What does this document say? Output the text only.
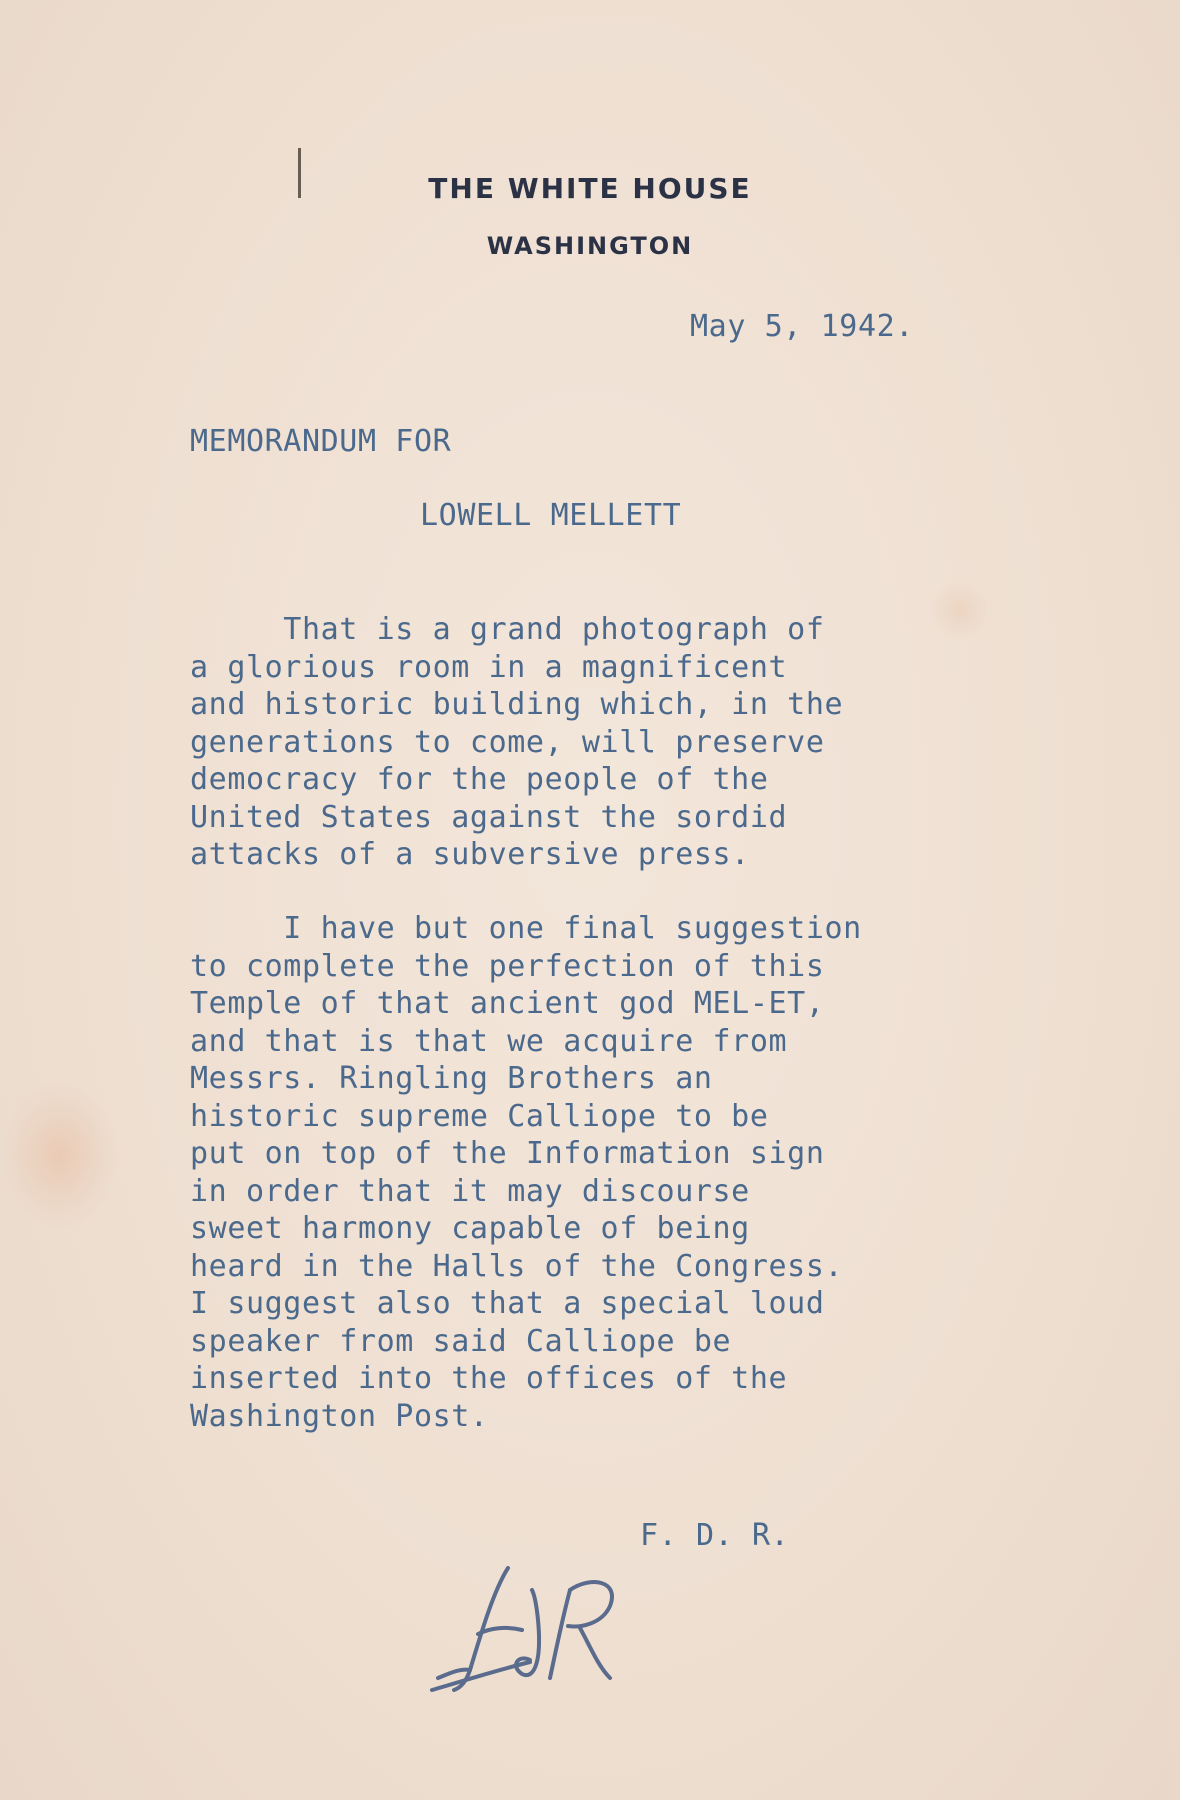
THE WHITE HOUSE
WASHINGTON
May 5, 1942.
MEMORANDUM FOR
LOWELL MELLETT
That is a grand photograph of
a glorious room in a magnificent
and historic building which, in the
generations to come, will preserve
democracy for the people of the
United States against the sordid
attacks of a subversive press.
I have but one final suggestion
to complete the perfection of this
Temple of that ancient god MEL-ET,
and that is that we acquire from
Messrs. Ringling Brothers an
historic supreme Calliope to be
put on top of the Information sign
in order that it may discourse
sweet harmony capable of being
heard in the Halls of the Congress.
I suggest also that a special loud
speaker from said Calliope be
inserted into the offices of the
Washington Post.
F. D. R.
